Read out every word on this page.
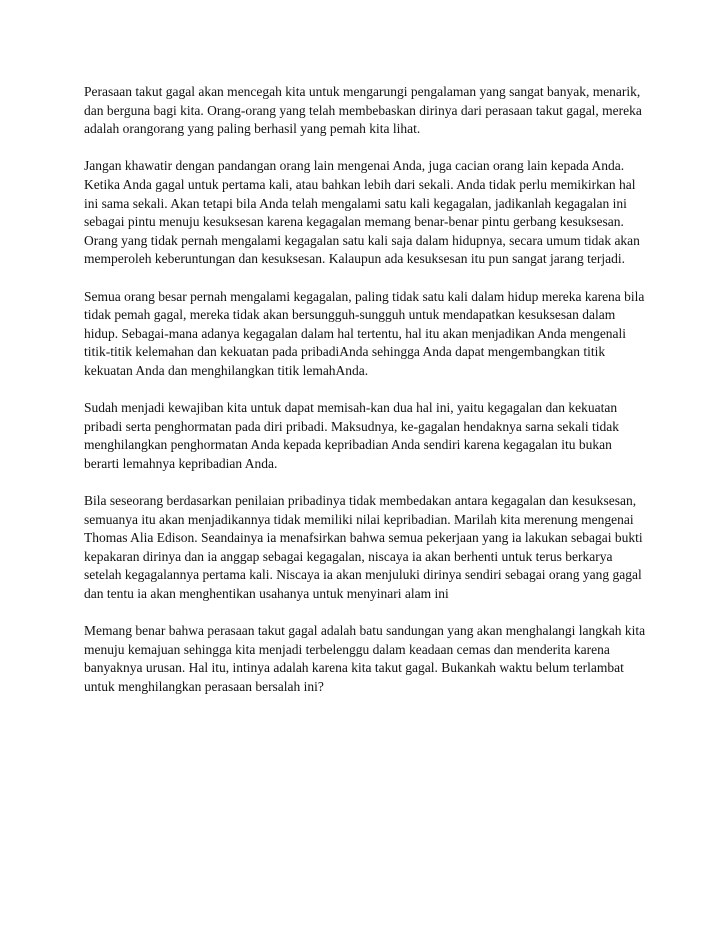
Perasaan takut gagal akan mencegah kita untuk mengarungi pengalaman yang sangat banyak, menarik, dan berguna bagi kita. Orang-orang yang telah membebaskan dirinya dari perasaan takut gagal, mereka adalah orangorang yang paling berhasil yang pemah kita lihat.

Jangan khawatir dengan pandangan orang lain mengenai Anda, juga cacian orang lain kepada Anda. Ketika Anda gagal untuk pertama kali, atau bahkan lebih dari sekali. Anda tidak perlu memikirkan hal ini sama sekali. Akan tetapi bila Anda telah mengalami satu kali kegagalan, jadikanlah kegagalan ini sebagai pintu menuju kesuksesan karena kegagalan memang benar-benar pintu gerbang kesuksesan. Orang yang tidak pernah mengalami kegagalan satu kali saja dalam hidupnya, secara umum tidak akan memperoleh keberuntungan dan kesuksesan. Kalaupun ada kesuksesan itu pun sangat jarang terjadi.

Semua orang besar pernah mengalami kegagalan, paling tidak satu kali dalam hidup mereka karena bila tidak pemah gagal, mereka tidak akan bersungguh-sungguh untuk mendapatkan kesuksesan dalam hidup. Sebagai-mana adanya kegagalan dalam hal tertentu, hal itu akan menjadikan Anda mengenali titik-titik kelemahan dan kekuatan pada pribadiAnda sehingga Anda dapat mengembangkan titik kekuatan Anda dan menghilangkan titik lemahAnda.

Sudah menjadi kewajiban kita untuk dapat memisah-kan dua hal ini, yaitu kegagalan dan kekuatan pribadi serta penghormatan pada diri pribadi. Maksudnya, ke-gagalan hendaknya sarna sekali tidak menghilangkan penghormatan Anda kepada kepribadian Anda sendiri karena kegagalan itu bukan berarti lemahnya kepribadian Anda.

Bila seseorang berdasarkan penilaian pribadinya tidak membedakan antara kegagalan dan kesuksesan, semuanya itu akan menjadikannya tidak memiliki nilai kepribadian. Marilah kita merenung mengenai Thomas Alia Edison. Seandainya ia menafsirkan bahwa semua pekerjaan yang ia lakukan sebagai bukti kepakaran dirinya dan ia anggap sebagai kegagalan, niscaya ia akan berhenti untuk terus berkarya setelah kegagalannya pertama kali. Niscaya ia akan menjuluki dirinya sendiri sebagai orang yang gagal dan tentu ia akan menghentikan usahanya untuk menyinari alam ini

Memang benar bahwa perasaan takut gagal adalah batu sandungan yang akan menghalangi langkah kita menuju kemajuan sehingga kita menjadi terbelenggu dalam keadaan cemas dan menderita karena banyaknya urusan. Hal itu, intinya adalah karena kita takut gagal. Bukankah waktu belum terlambat untuk menghilangkan perasaan bersalah ini?
